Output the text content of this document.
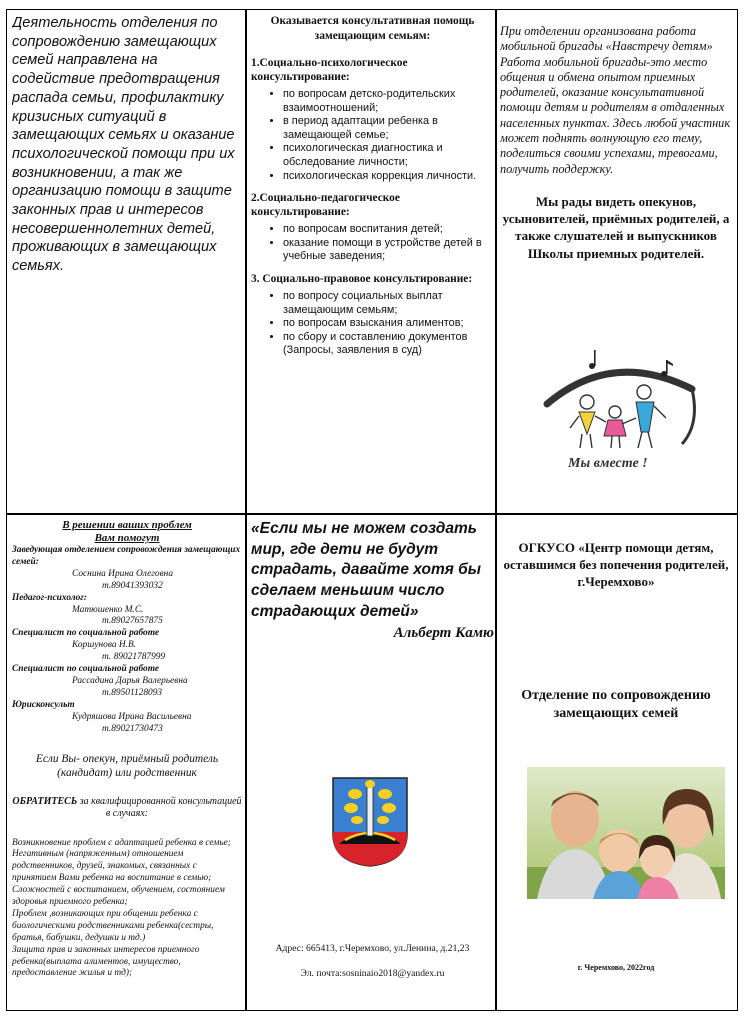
Деятельность отделения по сопровождению замещающих семей направлена на содействие предотвращения распада семьи, профилактику кризисных ситуаций в замещающих семьях и оказание психологической помощи при их возникновении, а так же организацию помощи в защите законных прав и интересов несовершеннолетних детей, проживающих в замещающих семьях.

Оказывается консультативная помощь замещающим семьям:
1.Социально-психологическое консультирование:
• по вопросам детско-родительских взаимоотношений;
• в период адаптации ребенка в замещающей семье;
• психологическая диагностика и обследование личности;
• психологическая коррекция личности.
2.Социально-педагогическое консультирование:
• по вопросам воспитания детей;
• оказание помощи в устройстве детей в учебные заведения;
3. Социально-правовое консультирование:
• по вопросу социальных выплат замещающим семьям;
• по вопросам взыскания алиментов;
• по сбору и составлению документов (Запросы, заявления в суд)

При отделении организована работа мобильной бригады «Навстречу детям» Работа мобильной бригады-это место общения и обмена опытом приемных родителей, оказание консультативной помощи детям и родителям в отдаленных населенных пунктах. Здесь любой участник может поднять волнующую его тему, поделиться своими успехами, тревогами, получить поддержку.

Мы рады видеть опекунов, усыновителей, приёмных родителей, а также слушателей и выпускников Школы приемных родителей.

Мы вместе !
В решении ваших проблем
Вам помогут
Заведующая отделением сопровождения замещающих семей:
Соснина Ирина Олеговна
т.89041393032
Педагог-психолог:
Матюшенко М.С.
т.89027657875
Специалист по социальной работе
Коршунова Н.В.
т. 89021787999
Специалист по социальной работе
Рассадина Дарья Валерьевна
т.89501128093
Юрисконсульт
Кудряшова Ирина Васильевна
т.89021730473
Если Вы- опекун, приёмный родитель (кандидат) или родственник
ОБРАТИТЕСЬ за квалифицированной консультацией в случаях:
Возникновение проблем с адаптацией ребенка в семье;
Негативным (напряженным) отношением родственников, друзей, знакомых, связанных с принятием Вами ребенка на воспитание в семью;
Сложностей с воспитанием, обучением, состоянием здоровья приемного ребенка;
Проблем ,возникающих при общении ребенка с биологическими родственниками ребенка(сестры, братья, бабушки, дедушки и тд.)
Защита прав и законных интересов приемного ребенка(выплата алиментов, имущество, предоставление жилья и тд);
«Если мы не можем создать мир, где дети не будут страдать, давайте хотя бы сделаем меньшим число страдающих детей»
Альберт Камю
Адрес: 665413, г.Черемхово, ул.Ленина, д.21,23
Эл. почта:sosninaio2018@yandex.ru
ОГКУСО «Центр помощи детям, оставшимся без попечения родителей, г.Черемхово»
Отделение по сопровождению замещающих семей
г. Черемхово, 2022год
